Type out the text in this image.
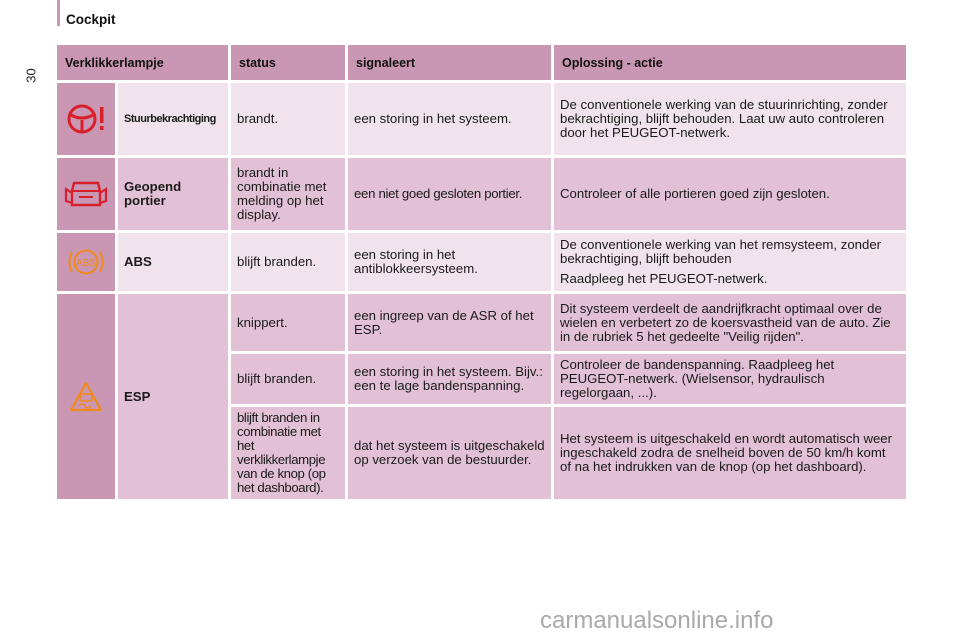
Cockpit
30
Verklikkerlampje		status	signaleert	Oplossing - actie

	Stuurbekrachtiging	brandt.	een storing in het systeem.	De conventionele werking van de stuurinrichting, zonder bekrachtiging, blijft behouden. Laat uw auto controleren door het PEUGEOT-netwerk.

	Geopend portier	brandt in combinatie met melding op het display.	een niet goed gesloten portier.	Controleer of alle portieren goed zijn gesloten.

ABS	ABS	blijft branden.	een storing in het antiblokkeersysteem.	De conventionele werking van het remsysteem, zonder bekrachtiging, blijft behouden

Raadpleeg het PEUGEOT-netwerk.

	ESP	knippert.	een ingreep van de ASR of het ESP.	Dit systeem verdeelt de aandrijfkracht optimaal over de wielen en verbetert zo de koersvastheid van de auto. Zie in de rubriek 5 het gedeelte "Veilig rijden".

		blijft branden.	een storing in het systeem. Bijv.: een te lage bandenspanning.	Controleer de bandenspanning. Raadpleeg het PEUGEOT-netwerk. (Wielsensor, hydraulisch regelorgaan, ...).

		blijft branden in combinatie met het verklikkerlampje van de knop (op het dashboard).	dat het systeem is uitgeschakeld op verzoek van de bestuurder.	Het systeem is uitgeschakeld en wordt automatisch weer ingeschakeld zodra de snelheid boven de 50 km/h komt of na het indrukken van de knop (op het dashboard).
carmanualsonline.info
